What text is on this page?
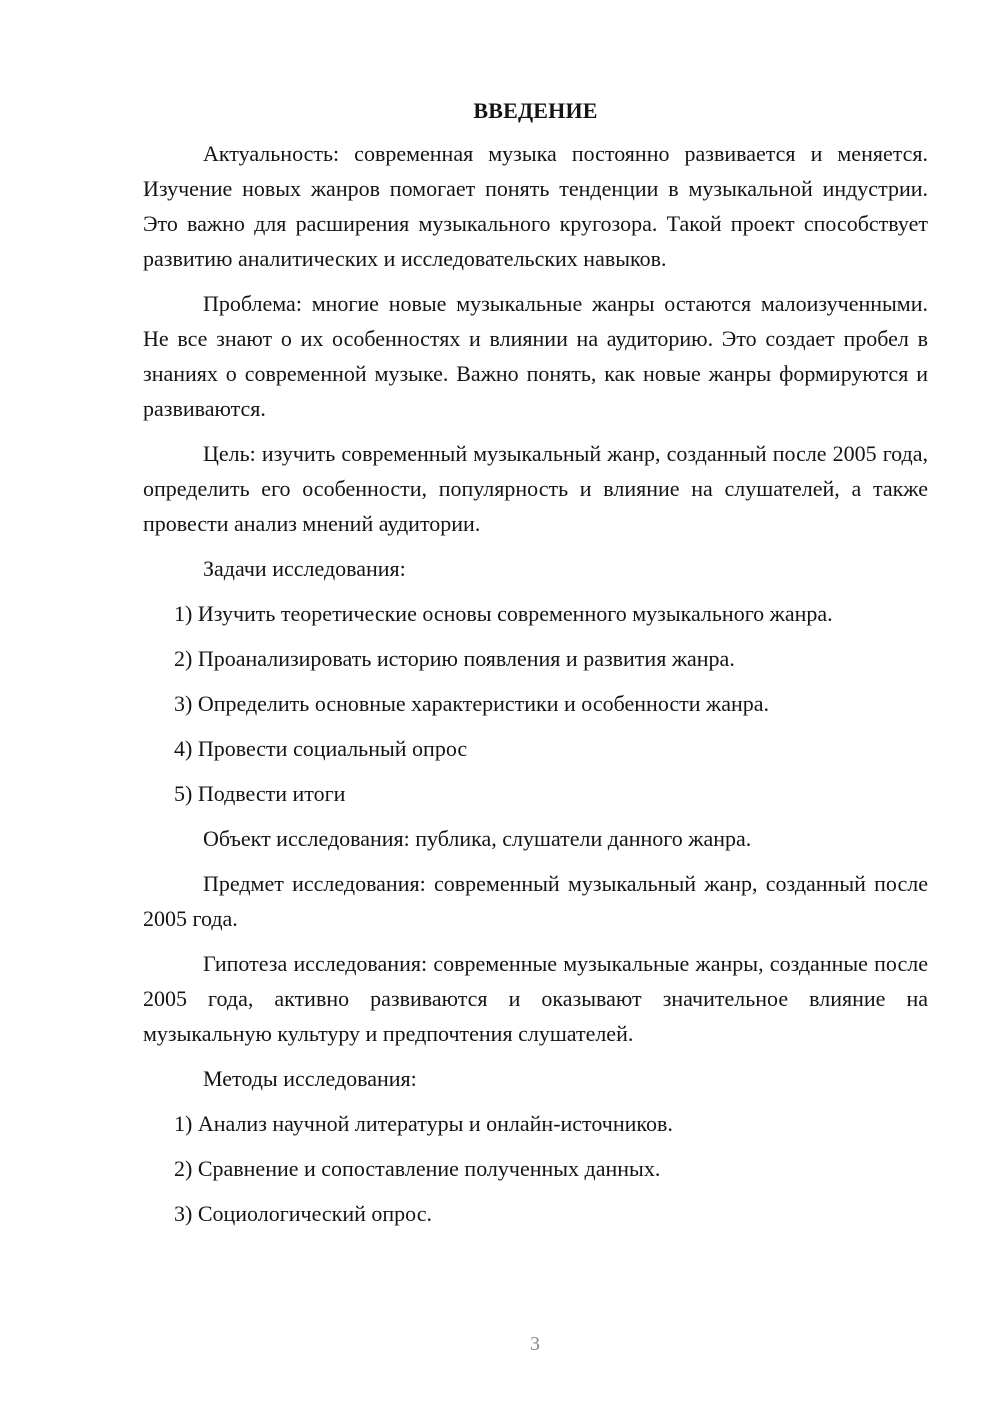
ВВЕДЕНИЕ

Актуальность: современная музыка постоянно развивается и меняется. Изучение новых жанров помогает понять тенденции в музыкальной индустрии. Это важно для расширения музыкального кругозора. Такой проект способствует развитию аналитических и исследовательских навыков.

Проблема: многие новые музыкальные жанры остаются малоизученными. Не все знают о их особенностях и влиянии на аудиторию. Это создает пробел в знаниях о современной музыке. Важно понять, как новые жанры формируются и развиваются.

Цель: изучить современный музыкальный жанр, созданный после 2005 года, определить его особенности, популярность и влияние на слушателей, а также провести анализ мнений аудитории.

Задачи исследования:

1) Изучить теоретические основы современного музыкального жанра.
2) Проанализировать историю появления и развития жанра.
3) Определить основные характеристики и особенности жанра.
4) Провести социальный опрос
5) Подвести итоги

Объект исследования: публика, слушатели данного жанра.

Предмет исследования: современный музыкальный жанр, созданный после 2005 года.

Гипотеза исследования: современные музыкальные жанры, созданные после 2005 года, активно развиваются и оказывают значительное влияние на музыкальную культуру и предпочтения слушателей.

Методы исследования:

1) Анализ научной литературы и онлайн-источников.
2) Сравнение и сопоставление полученных данных.
3) Социологический опрос.
3
